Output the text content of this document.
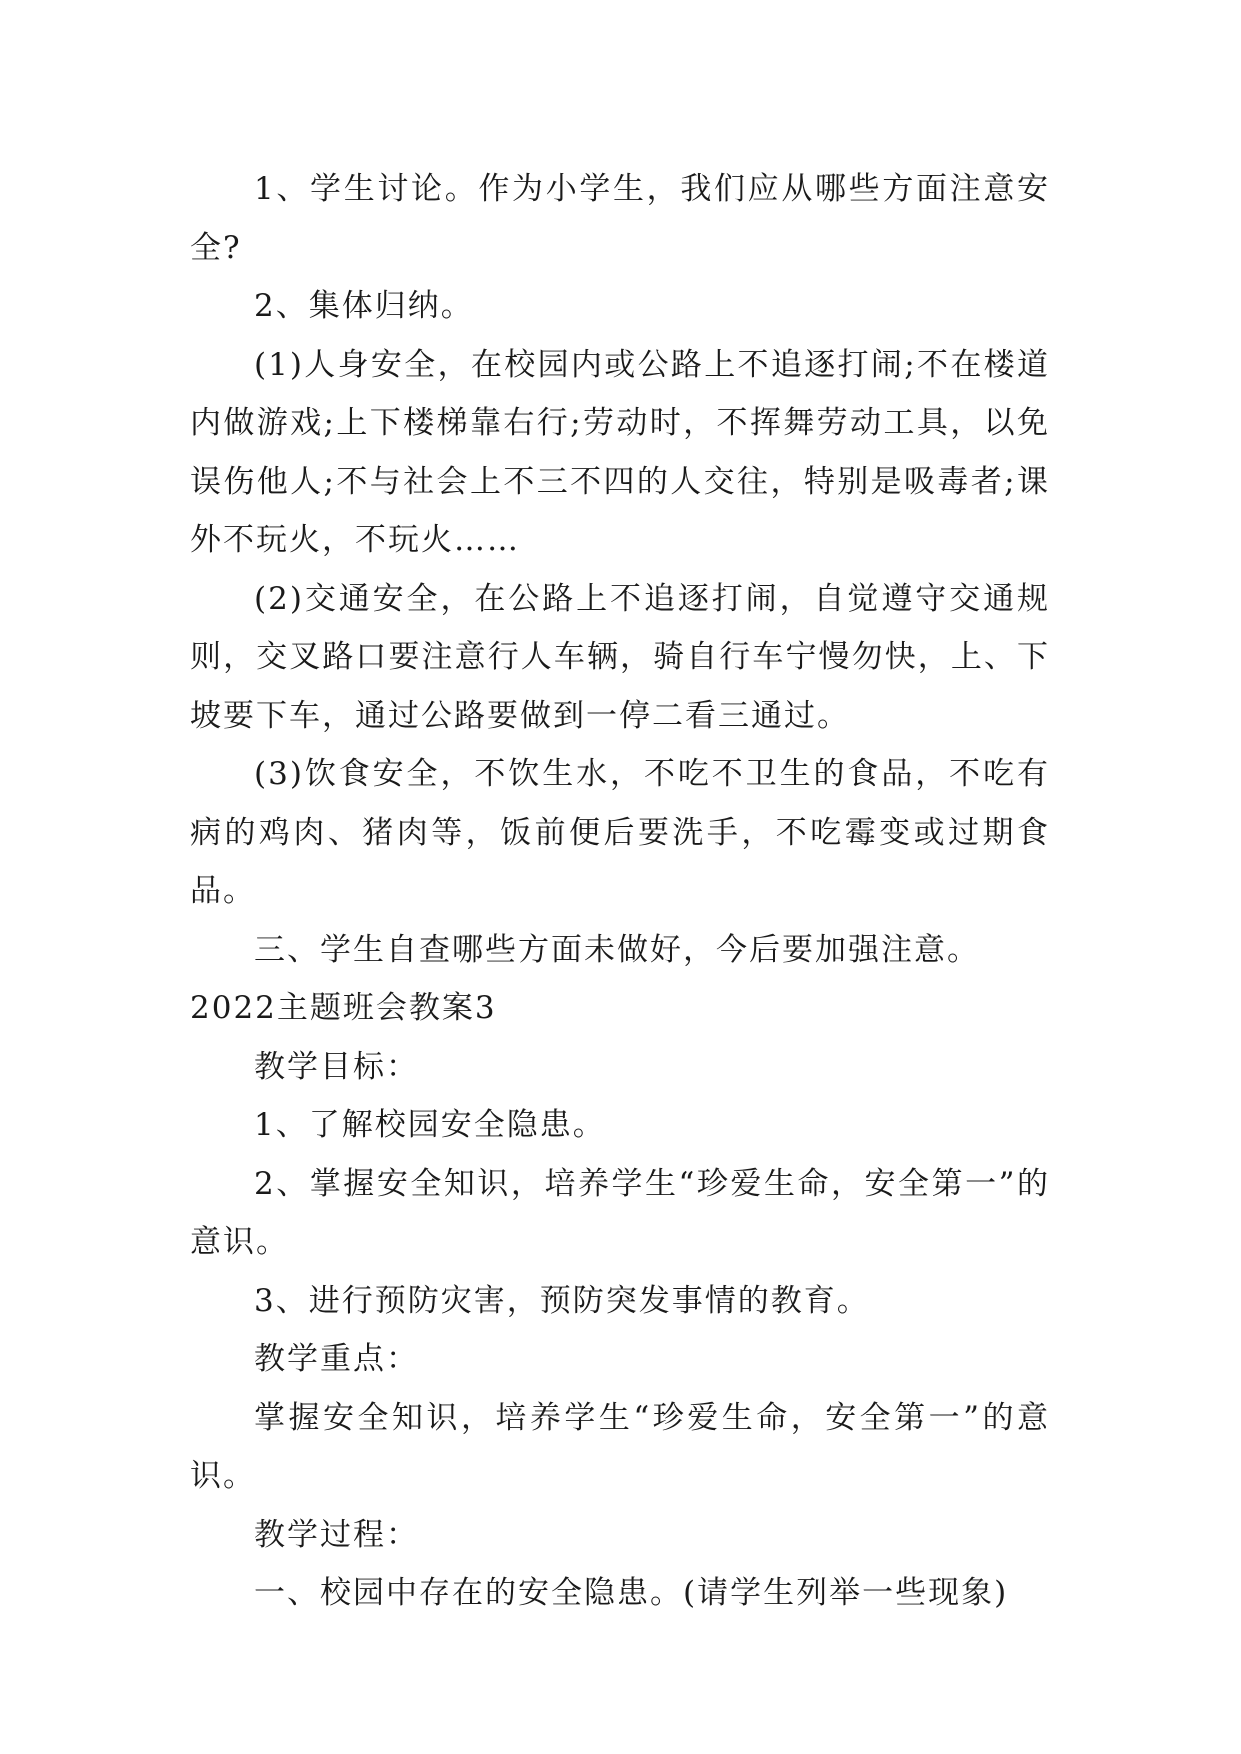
1、学生讨论。作为小学生，我们应从哪些方面注意安全?

2、集体归纳。

(1)人身安全，在校园内或公路上不追逐打闹;不在楼道内做游戏;上下楼梯靠右行;劳动时，不挥舞劳动工具，以免误伤他人;不与社会上不三不四的人交往，特别是吸毒者;课外不玩火，不玩火……

(2)交通安全，在公路上不追逐打闹，自觉遵守交通规则，交叉路口要注意行人车辆，骑自行车宁慢勿快，上、下坡要下车，通过公路要做到一停二看三通过。

(3)饮食安全，不饮生水，不吃不卫生的食品，不吃有病的鸡肉、猪肉等，饭前便后要洗手，不吃霉变或过期食品。

三、学生自查哪些方面未做好，今后要加强注意。

2022主题班会教案3

教学目标：

1、了解校园安全隐患。

2、掌握安全知识，培养学生“珍爱生命，安全第一”的意识。

3、进行预防灾害，预防突发事情的教育。

教学重点：

掌握安全知识，培养学生“珍爱生命，安全第一”的意识。

教学过程：

一、校园中存在的安全隐患。(请学生列举一些现象)
